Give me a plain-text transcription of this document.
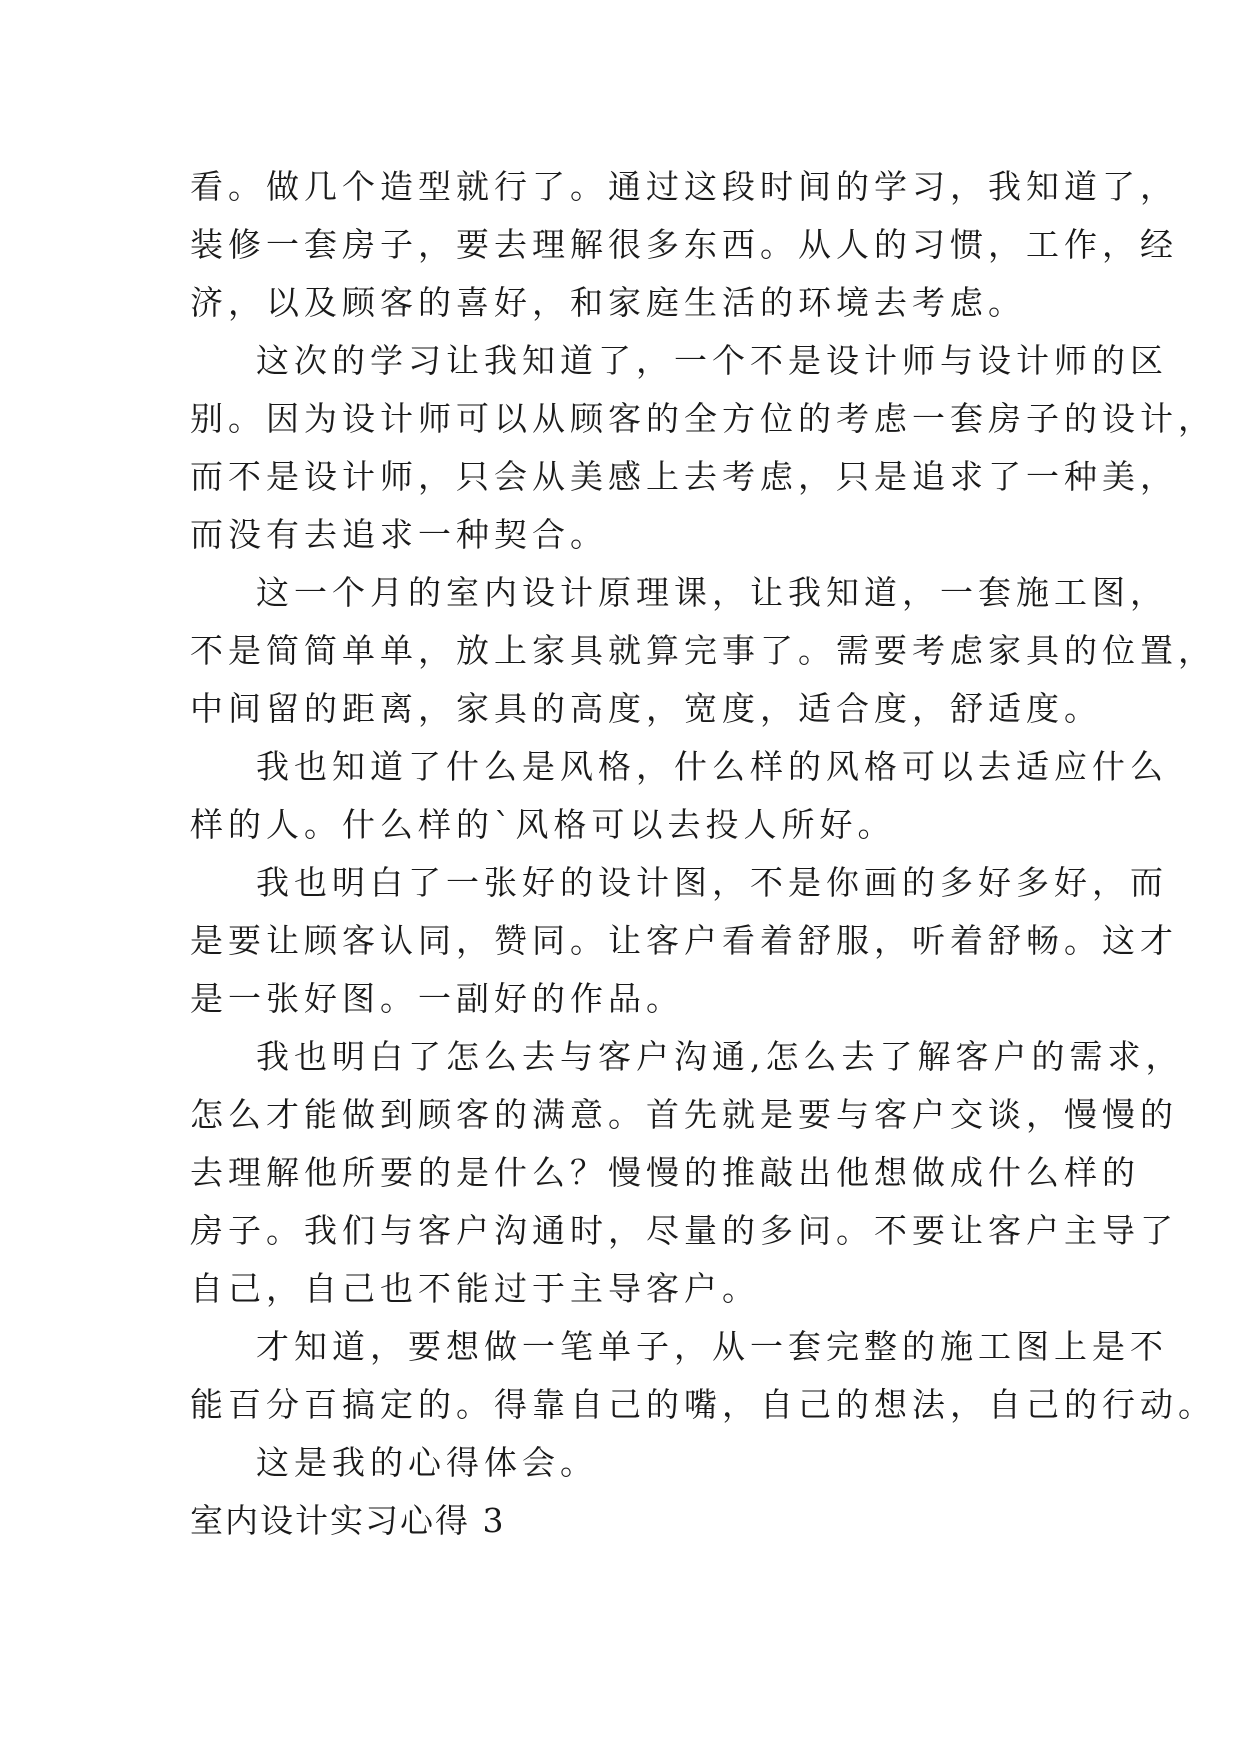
看。做几个造型就行了。通过这段时间的学习，我知道了，
装修一套房子，要去理解很多东西。从人的习惯，工作，经
济，以及顾客的喜好，和家庭生活的环境去考虑。
这次的学习让我知道了，一个不是设计师与设计师的区
别。因为设计师可以从顾客的全方位的考虑一套房子的设计，
而不是设计师，只会从美感上去考虑，只是追求了一种美，
而没有去追求一种契合。
这一个月的室内设计原理课，让我知道，一套施工图，
不是简简单单，放上家具就算完事了。需要考虑家具的位置，
中间留的距离，家具的高度，宽度，适合度，舒适度。
我也知道了什么是风格，什么样的风格可以去适应什么
样的人。什么样的`风格可以去投人所好。
我也明白了一张好的设计图，不是你画的多好多好，而
是要让顾客认同，赞同。让客户看着舒服，听着舒畅。这才
是一张好图。一副好的作品。
我也明白了怎么去与客户沟通,怎么去了解客户的需求，
怎么才能做到顾客的满意。首先就是要与客户交谈，慢慢的
去理解他所要的是什么？慢慢的推敲出他想做成什么样的
房子。我们与客户沟通时，尽量的多问。不要让客户主导了
自己，自己也不能过于主导客户。
才知道，要想做一笔单子，从一套完整的施工图上是不
能百分百搞定的。得靠自己的嘴，自己的想法，自己的行动。
这是我的心得体会。
室内设计实习心得 3
